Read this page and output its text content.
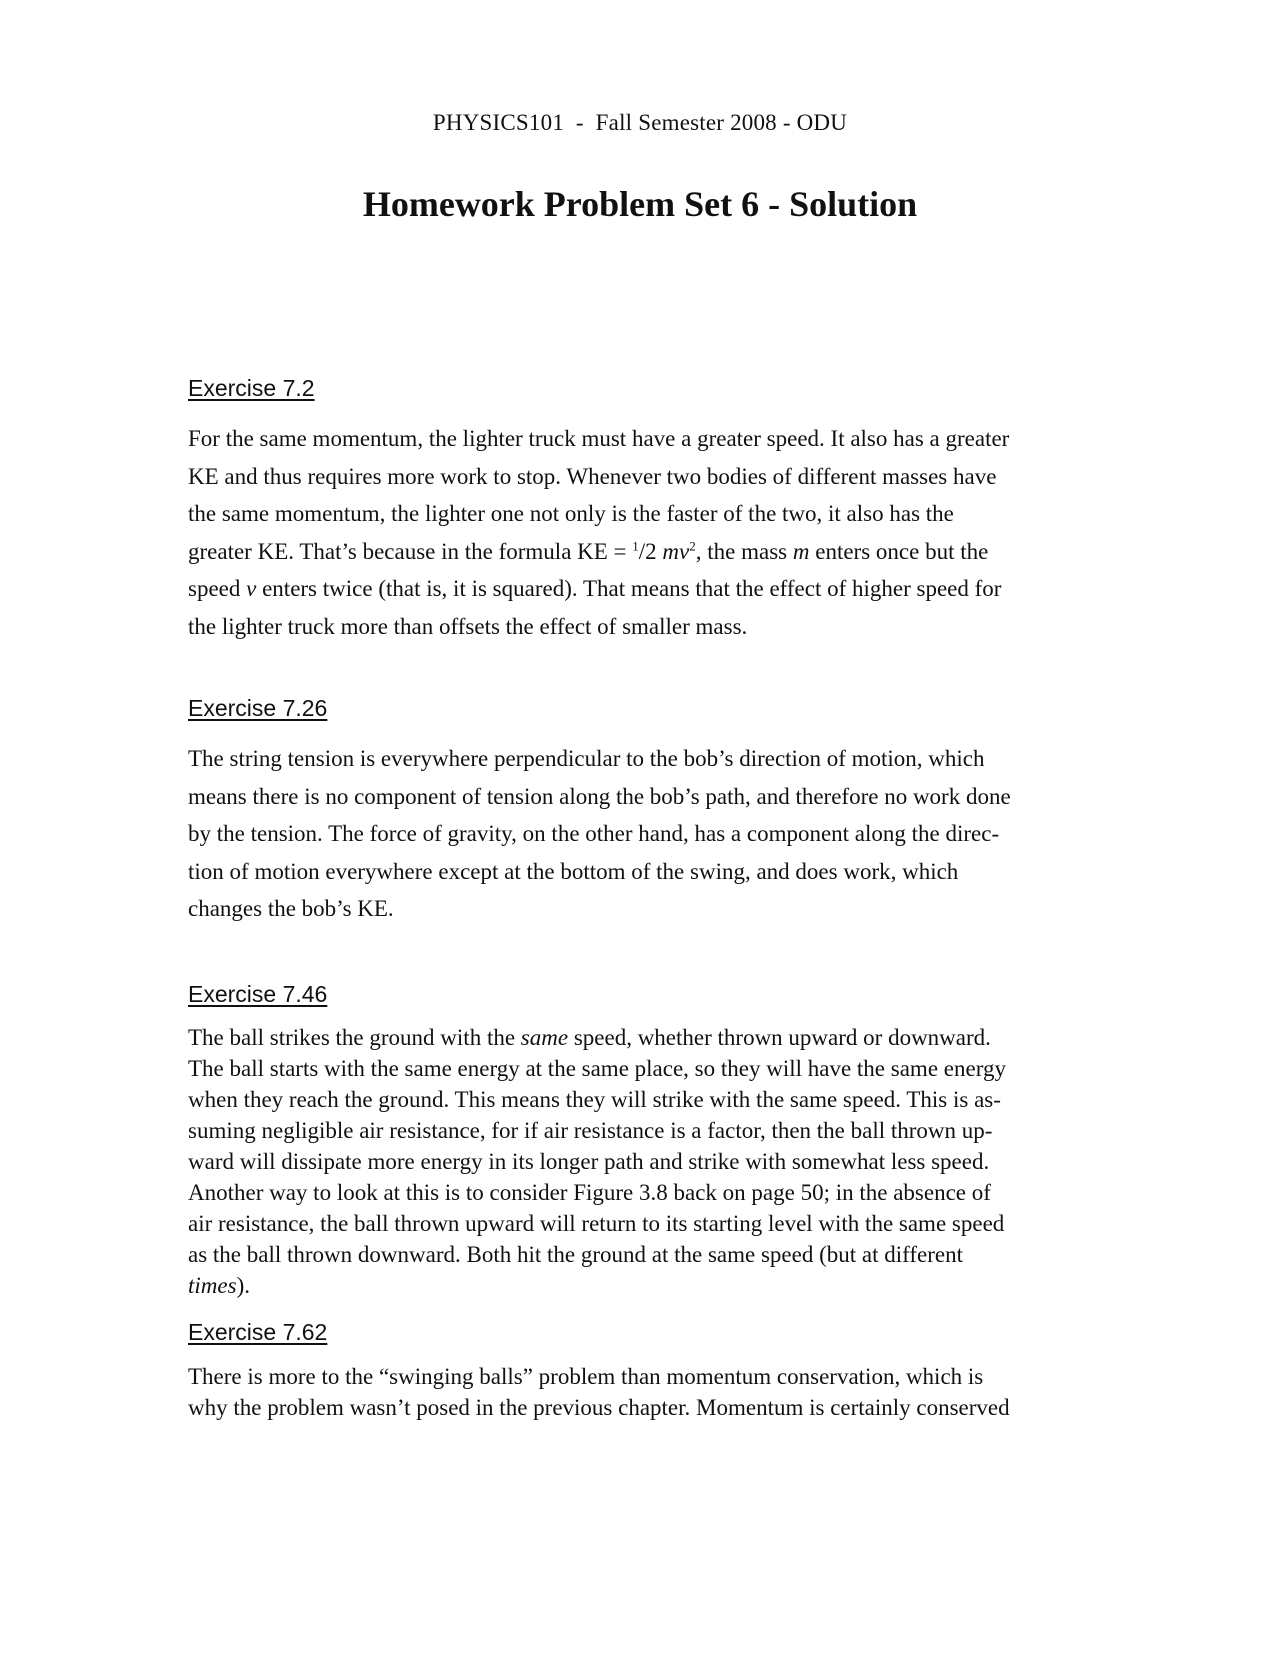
PHYSICS101  -  Fall Semester 2008 - ODU
Homework Problem Set 6 - Solution
Exercise 7.2
For the same momentum, the lighter truck must have a greater speed. It also has a greater
KE and thus requires more work to stop. Whenever two bodies of different masses have
the same momentum, the lighter one not only is the faster of the two, it also has the
greater KE. That’s because in the formula KE = $^1$/2 $mv^2$, the mass m enters once but the
speed v enters twice (that is, it is squared). That means that the effect of higher speed for
the lighter truck more than offsets the effect of smaller mass.
Exercise 7.26
The string tension is everywhere perpendicular to the bob’s direction of motion, which
means there is no component of tension along the bob’s path, and therefore no work done
by the tension. The force of gravity, on the other hand, has a component along the direc-
tion of motion everywhere except at the bottom of the swing, and does work, which
changes the bob’s KE.
Exercise 7.46
The ball strikes the ground with the same speed, whether thrown upward or downward.
The ball starts with the same energy at the same place, so they will have the same energy
when they reach the ground. This means they will strike with the same speed. This is as-
suming negligible air resistance, for if air resistance is a factor, then the ball thrown up-
ward will dissipate more energy in its longer path and strike with somewhat less speed.
Another way to look at this is to consider Figure 3.8 back on page 50; in the absence of
air resistance, the ball thrown upward will return to its starting level with the same speed
as the ball thrown downward. Both hit the ground at the same speed (but at different
times).
Exercise 7.62
There is more to the “swinging balls” problem than momentum conservation, which is
why the problem wasn’t posed in the previous chapter. Momentum is certainly conserved
